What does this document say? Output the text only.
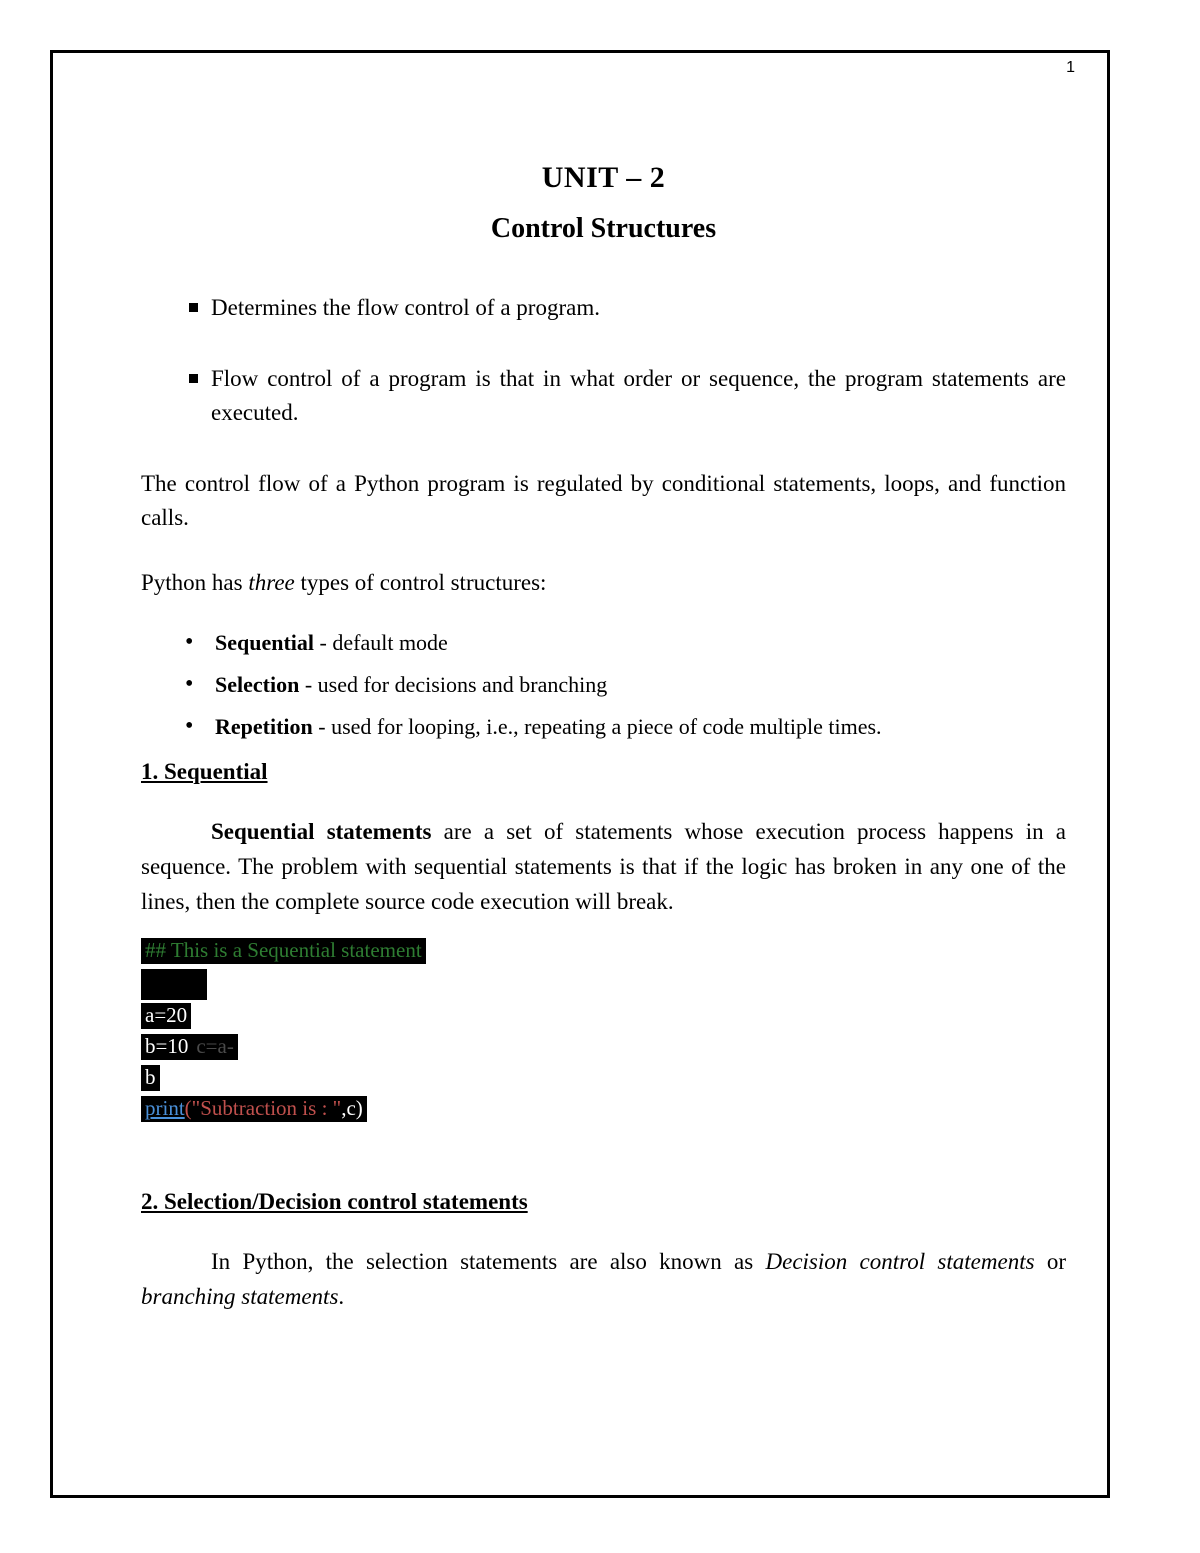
1
UNIT – 2
Control Structures
Determines the flow control of a program.
Flow control of a program is that in what order or sequence, the program statements are executed.

The control flow of a Python program is regulated by conditional statements, loops, and function calls.

Python has three types of control structures:

• Sequential - default mode
• Selection - used for decisions and branching
• Repetition - used for looping, i.e., repeating a piece of code multiple times.
1. Sequential

Sequential statements are a set of statements whose execution process happens in a sequence. The problem with sequential statements is that if the logic has broken in any one of the lines, then the complete source code execution will break.

## This is a Sequential statement
a=20
b=10 c=a-
b
print("Subtraction is : ",c)
2. Selection/Decision control statements

In Python, the selection statements are also known as Decision control statements or branching statements.
